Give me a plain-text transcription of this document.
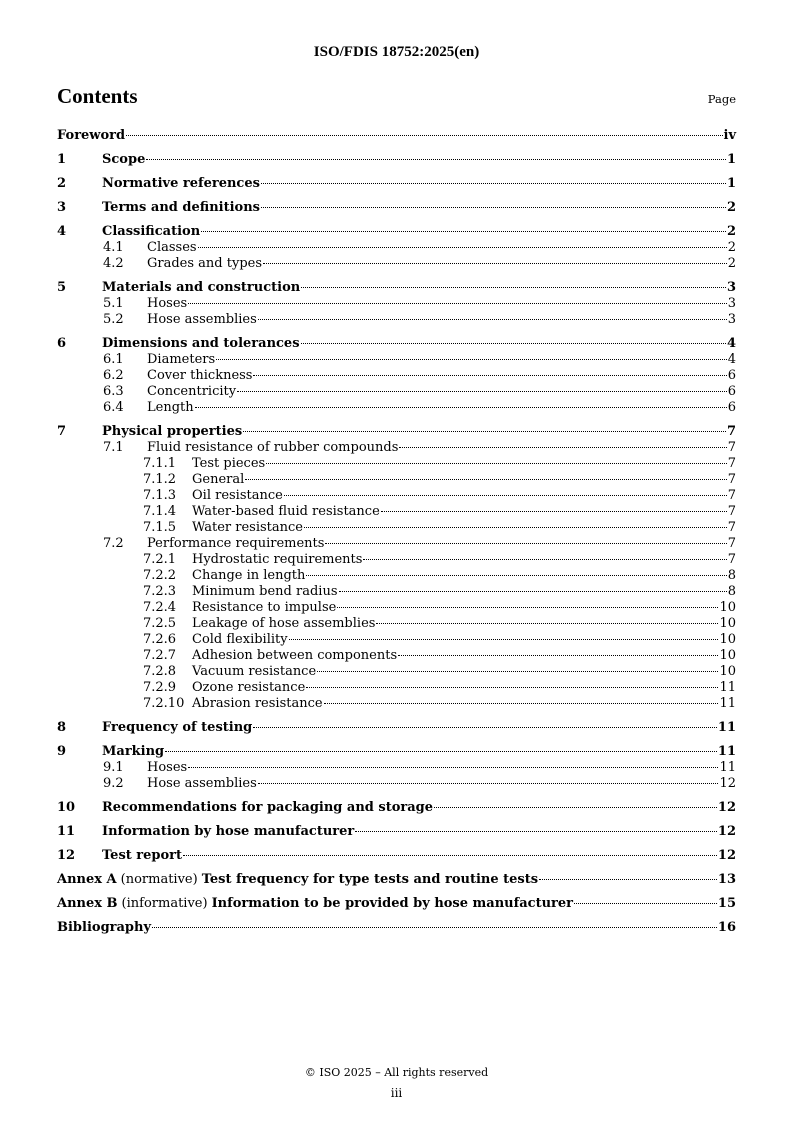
ISO/FDIS 18752:2025(en)
Contents	Page
Foreword	iv
1	Scope	1
2	Normative references	1
3	Terms and definitions	2
4	Classification	2
4.1	Classes	2
4.2	Grades and types	2
5	Materials and construction	3
5.1	Hoses	3
5.2	Hose assemblies	3
6	Dimensions and tolerances	4
6.1	Diameters	4
6.2	Cover thickness	6
6.3	Concentricity	6
6.4	Length	6
7	Physical properties	7
7.1	Fluid resistance of rubber compounds	7
7.1.1	Test pieces	7
7.1.2	General	7
7.1.3	Oil resistance	7
7.1.4	Water-based fluid resistance	7
7.1.5	Water resistance	7
7.2	Performance requirements	7
7.2.1	Hydrostatic requirements	7
7.2.2	Change in length	8
7.2.3	Minimum bend radius	8
7.2.4	Resistance to impulse	10
7.2.5	Leakage of hose assemblies	10
7.2.6	Cold flexibility	10
7.2.7	Adhesion between components	10
7.2.8	Vacuum resistance	10
7.2.9	Ozone resistance	11
7.2.10 Abrasion resistance	11
8	Frequency of testing	11
9	Marking	11
9.1	Hoses	11
9.2	Hose assemblies	12
10	Recommendations for packaging and storage	12
11	Information by hose manufacturer	12
12	Test report	12
Annex A (normative) Test frequency for type tests and routine tests	13
Annex B (informative) Information to be provided by hose manufacturer	15
Bibliography	16
© ISO 2025 – All rights reserved
iii
